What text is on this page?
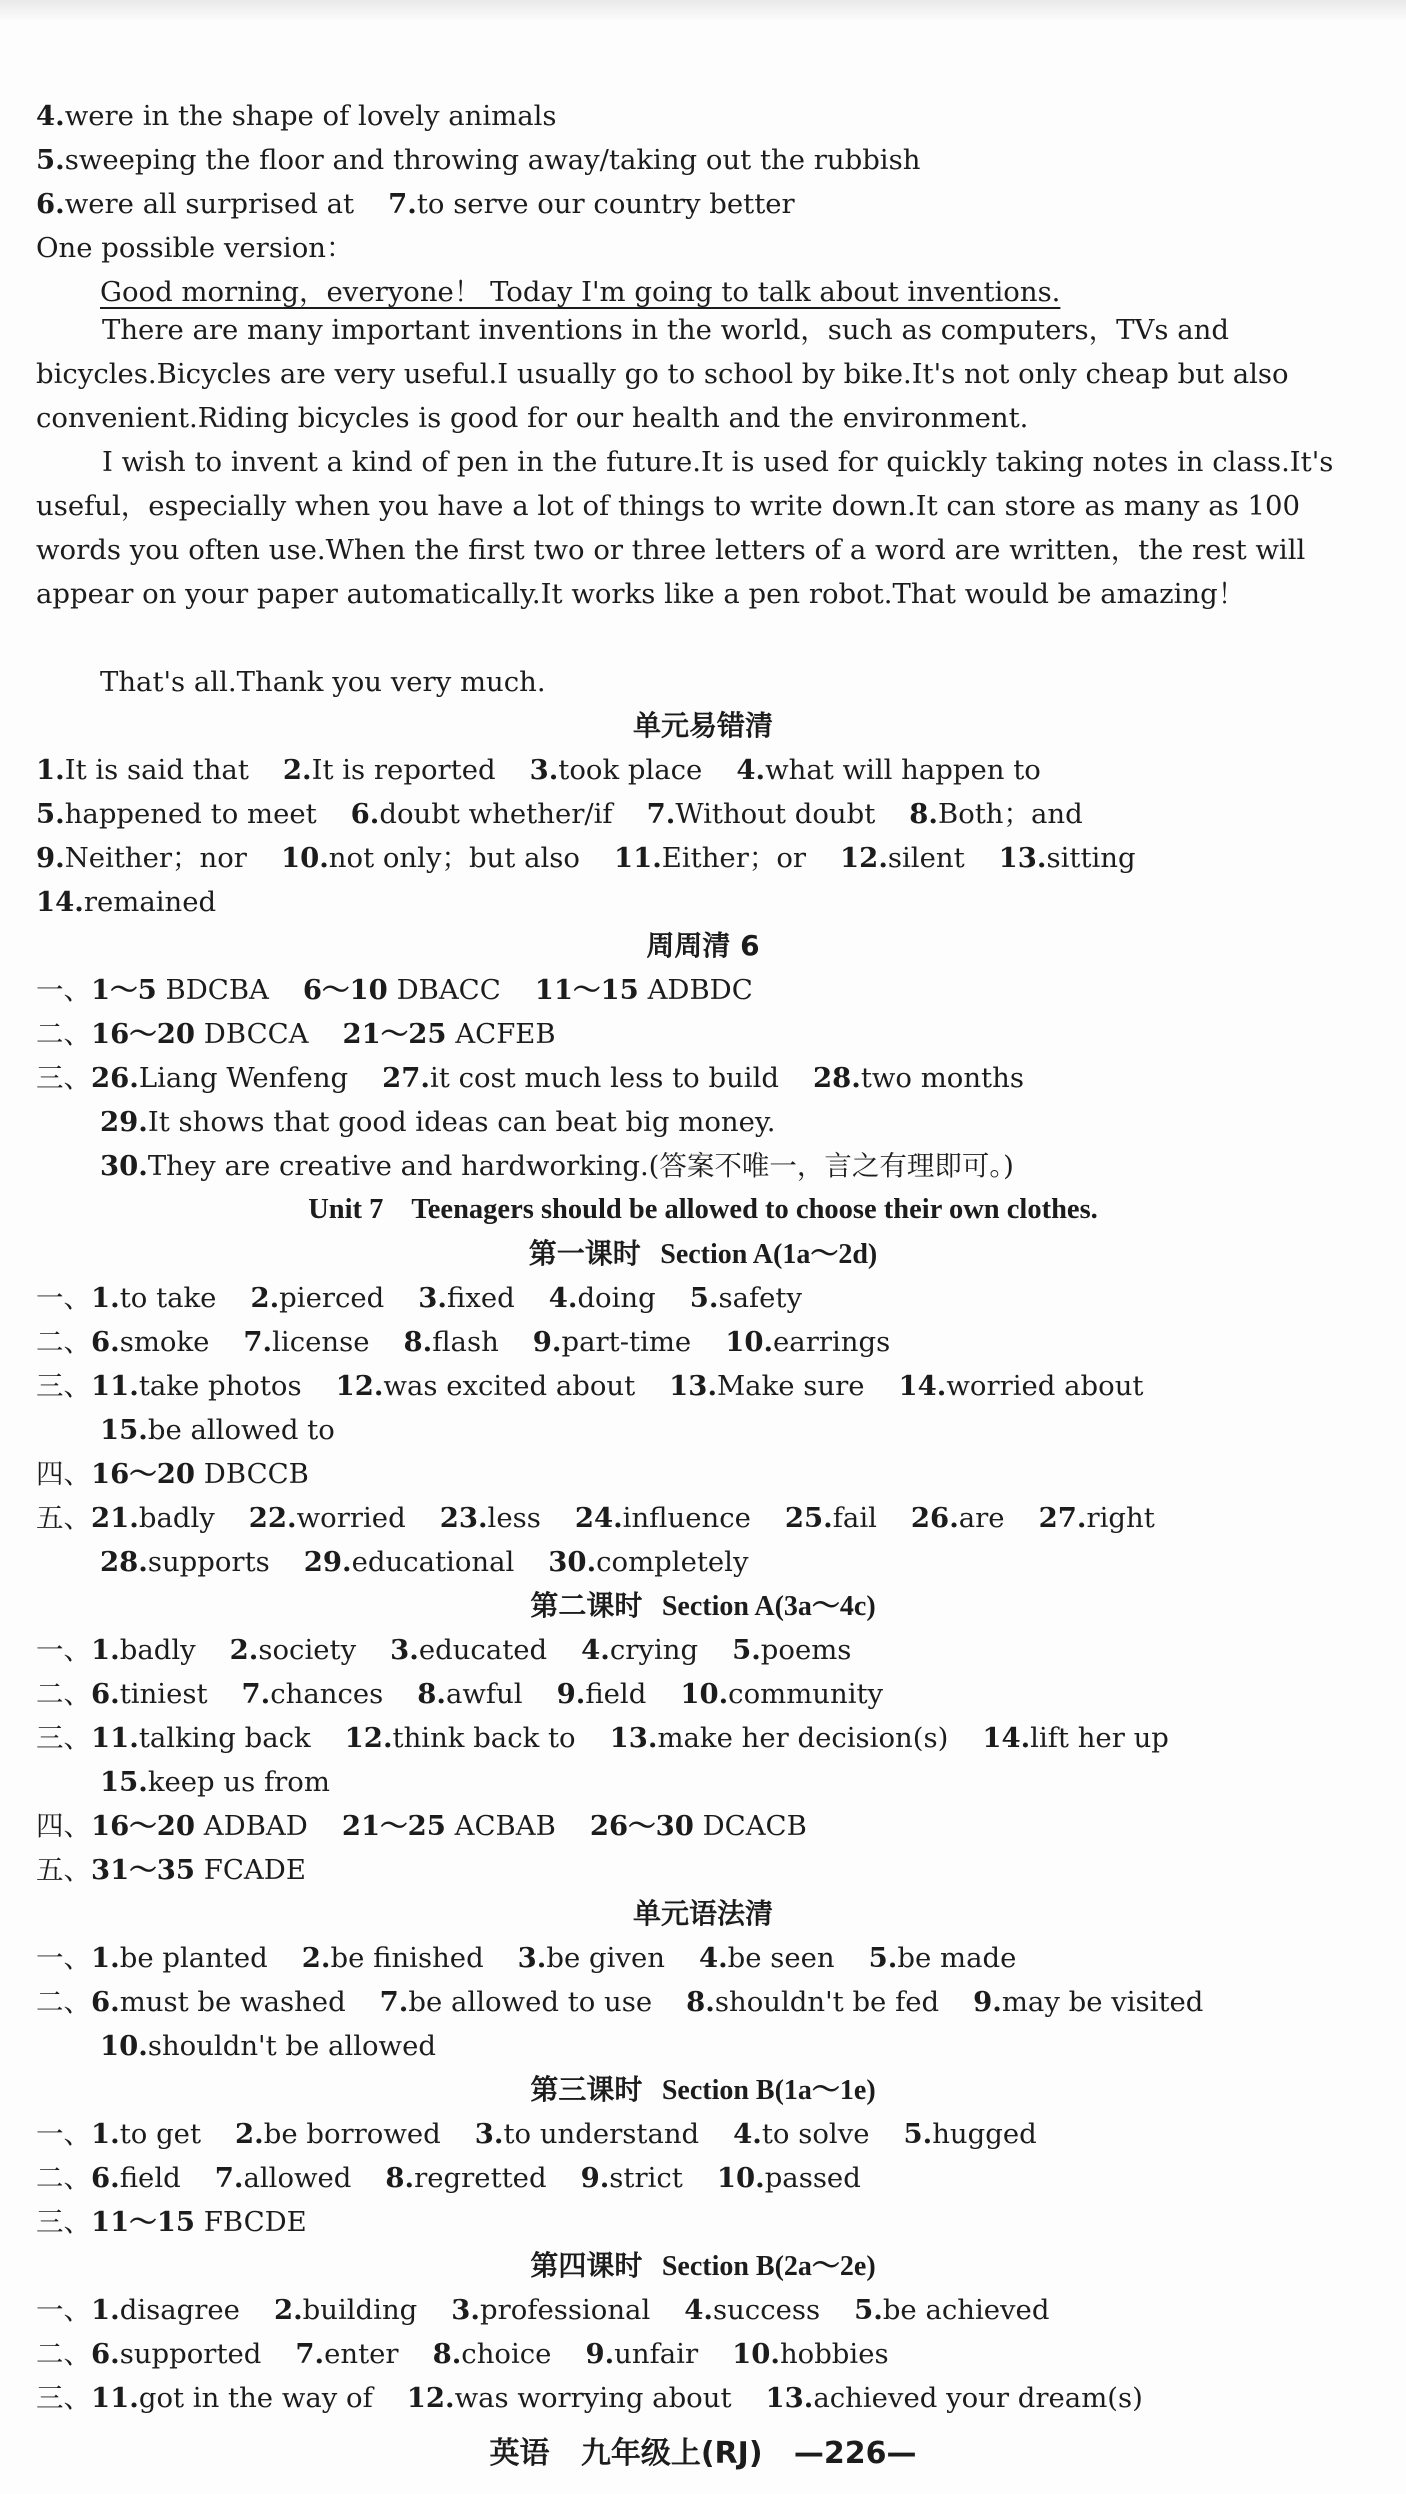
4.were in the shape of lovely animals
5.sweeping the floor and throwing away/taking out the rubbish
6.were all surprised at 7.to serve our country better
One possible version：
Good morning，everyone！ Today I'm going to talk about inventions.
There are many important inventions in the world，such as computers，TVs and bicycles.Bicycles are very useful.I usually go to school by bike.It's not only cheap but also convenient.Riding bicycles is good for our health and the environment.
I wish to invent a kind of pen in the future.It is used for quickly taking notes in class.It's useful，especially when you have a lot of things to write down.It can store as many as 100 words you often use.When the first two or three letters of a word are written，the rest will appear on your paper automatically.It works like a pen robot.That would be amazing！
That's all.Thank you very much.
单元易错清
1.It is said that 2.It is reported 3.took place 4.what will happen to
5.happened to meet 6.doubt whether/if 7.Without doubt 8.Both；and
9.Neither；nor 10.not only；but also 11.Either；or 12.silent 13.sitting
14.remained
周周清 6
一、1～5 BDCBA 6～10 DBACC 11～15 ADBDC
二、16～20 DBCCA 21～25 ACFEB
三、26.Liang Wenfeng 27.it cost much less to build 28.two months
29.It shows that good ideas can beat big money.
30.They are creative and hardworking.(答案不唯一，言之有理即可。)
Unit 7    Teenagers should be allowed to choose their own clothes.
第一课时 Section A(1a～2d)
一、1.to take 2.pierced 3.fixed 4.doing 5.safety
二、6.smoke 7.license 8.flash 9.part-time 10.earrings
三、11.take photos 12.was excited about 13.Make sure 14.worried about
15.be allowed to
四、16～20 DBCCB
五、21.badly 22.worried 23.less 24.influence 25.fail 26.are 27.right
28.supports 29.educational 30.completely
第二课时 Section A(3a～4c)
一、1.badly 2.society 3.educated 4.crying 5.poems
二、6.tiniest 7.chances 8.awful 9.field 10.community
三、11.talking back 12.think back to 13.make her decision(s) 14.lift her up
15.keep us from
四、16～20 ADBAD 21～25 ACBAB 26～30 DCACB
五、31～35 FCADE
单元语法清
一、1.be planted 2.be finished 3.be given 4.be seen 5.be made
二、6.must be washed 7.be allowed to use 8.shouldn't be fed 9.may be visited
10.shouldn't be allowed
第三课时 Section B(1a～1e)
一、1.to get 2.be borrowed 3.to understand 4.to solve 5.hugged
二、6.field 7.allowed 8.regretted 9.strict 10.passed
三、11～15 FBCDE
第四课时 Section B(2a～2e)
一、1.disagree 2.building 3.professional 4.success 5.be achieved
二、6.supported 7.enter 8.choice 9.unfair 10.hobbies
三、11.got in the way of 12.was worrying about 13.achieved your dream(s)
英语 九年级上(RJ) —226—
